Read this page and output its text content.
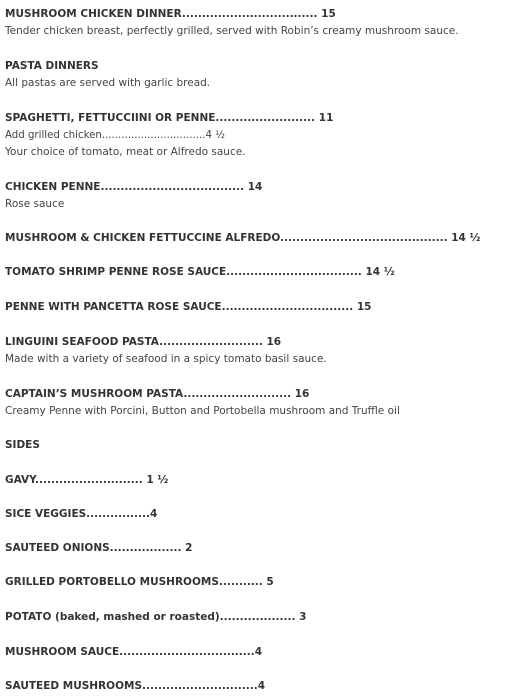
MUSHROOM CHICKEN DINNER.................................. 15
Tender chicken breast, perfectly grilled, served with Robin’s creamy mushroom sauce.
PASTA DINNERS
All pastas are served with garlic bread.
SPAGHETTI, FETTUCCIINI OR PENNE......................... 11
Add grilled chicken................................4 ½
Your choice of tomato, meat or Alfredo sauce.
CHICKEN PENNE.................................... 14
Rose sauce
MUSHROOM & CHICKEN FETTUCCINE ALFREDO.......................................... 14 ½
TOMATO SHRIMP PENNE ROSE SAUCE.................................. 14 ½
PENNE WITH PANCETTA ROSE SAUCE................................. 15
LINGUINI SEAFOOD PASTA.......................... 16
Made with a variety of seafood in a spicy tomato basil sauce.
CAPTAIN’S MUSHROOM PASTA........................... 16
Creamy Penne with Porcini, Button and Portobella mushroom and Truffle oil
SIDES
GAVY........................... 1 ½
SICE VEGGIES................4
SAUTEED ONIONS.................. 2
GRILLED PORTOBELLO MUSHROOMS........... 5
POTATO (baked, mashed or roasted)................... 3
MUSHROOM SAUCE..................................4
SAUTEED MUSHROOMS.............................4
